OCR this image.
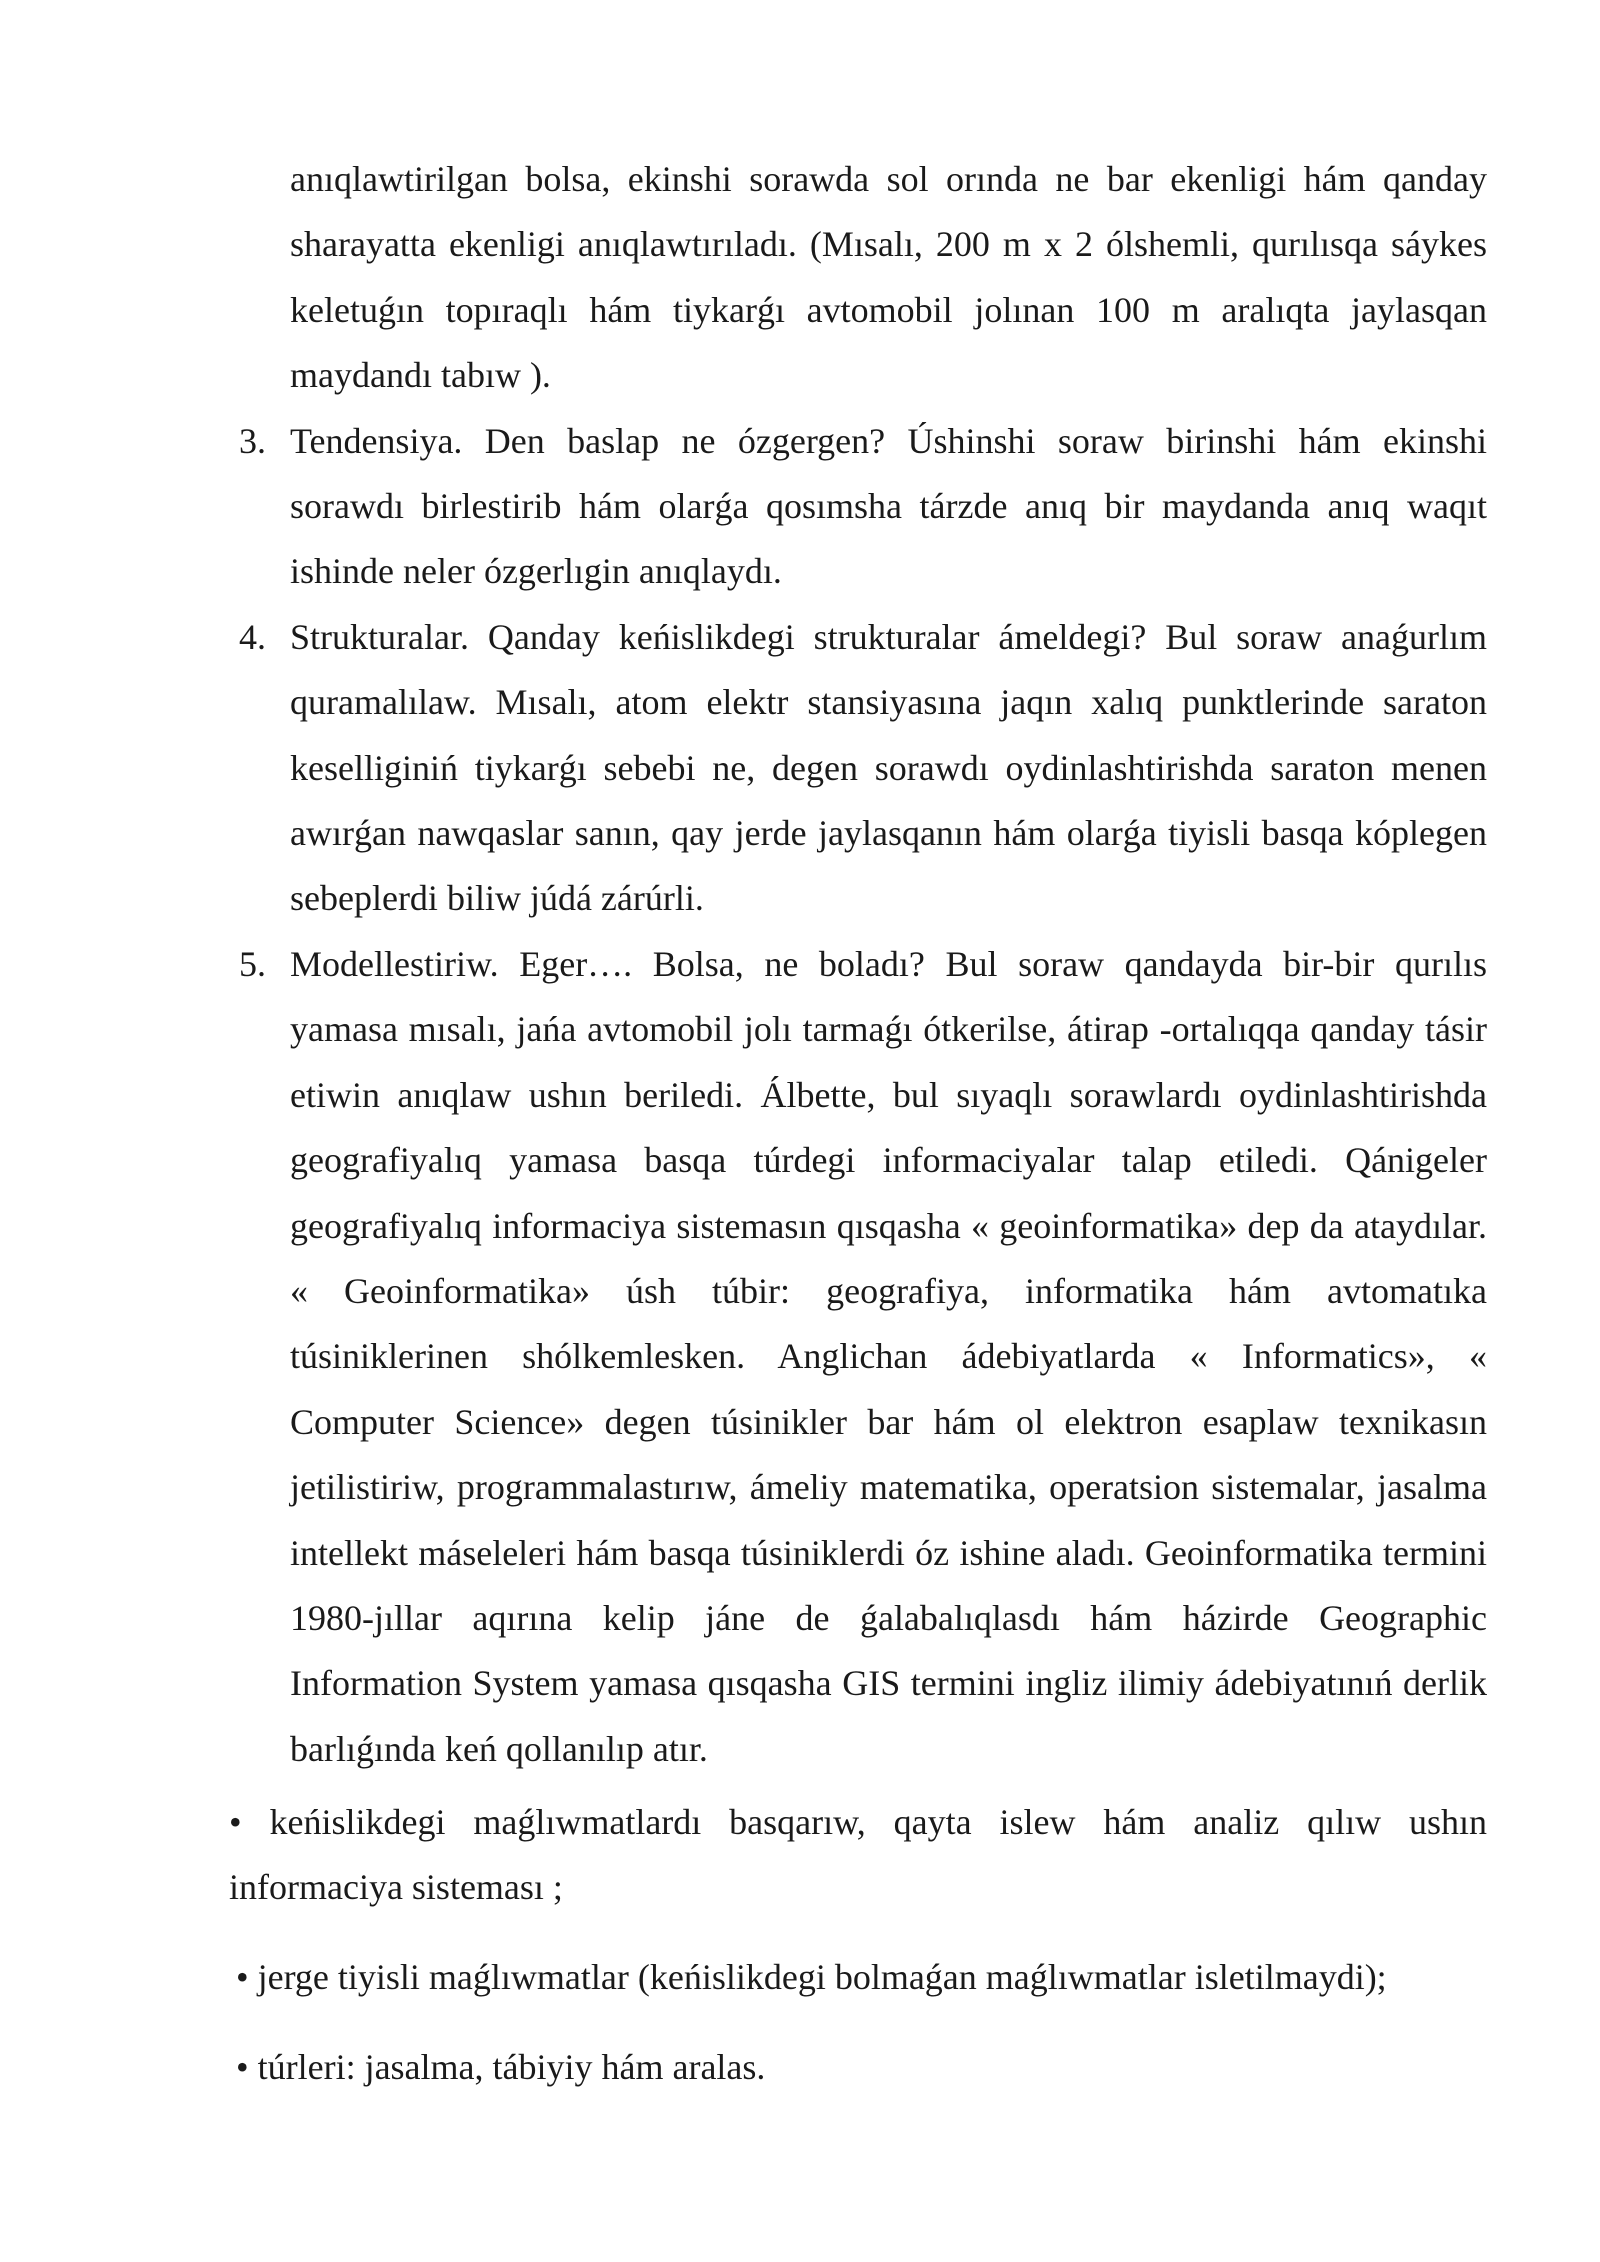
anıqlawtirilgan bolsa, ekinshi sorawda sol orında ne bar ekenligi hám qanday sharayatta ekenligi anıqlawtırıladı. (Mısalı, 200 m x 2 ólshemli, qurılısqa sáykes keletuǵın topıraqlı hám tiykarǵı avtomobil jolınan 100 m aralıqta jaylasqan maydandı tabıw ).
3. Tendensiya. Den baslap ne ózgergen? Úshinshi soraw birinshi hám ekinshi sorawdı birlestirib hám olarǵa qosımsha tárzde anıq bir maydanda anıq waqıt ishinde neler ózgerlıgin anıqlaydı.
4. Strukturalar. Qanday keńislikdegi strukturalar ámeldegi? Bul soraw anaǵurlım quramalılaw. Mısalı, atom elektr stansiyasına jaqın xalıq punktlerinde saraton keselliginiń tiykarǵı sebebi ne, degen sorawdı oydinlashtirishda saraton menen awırǵan nawqaslar sanın, qay jerde jaylasqanın hám olarǵa tiyisli basqa kóplegen sebeplerdi biliw júdá zárúrli.
5. Modellestiriw. Eger…. Bolsa, ne boladı? Bul soraw qandayda bir-bir qurılıs yamasa mısalı, jańa avtomobil jolı tarmaǵı ótkerilse, átirap -ortalıqqa qanday tásir etiwin anıqlaw ushın beriledi. Álbette, bul sıyaqlı sorawlardı oydinlashtirishda geografiyalıq yamasa basqa túrdegi informaciyalar talap etiledi. Qánigeler geografiyalıq informaciya sistemasın qısqasha « geoinformatika» dep da ataydılar. « Geoinformatika» úsh túbir: geografiya, informatika hám avtomatıka túsiniklerinen shólkemlesken. Anglichan ádebiyatlarda « Informatics», « Computer Science» degen túsinikler bar hám ol elektron esaplaw texnikasın jetilistiriw, programmalastırıw, ámeliy matematika, operatsion sistemalar, jasalma intellekt máseleleri hám basqa túsiniklerdi óz ishine aladı. Geoinformatika termini 1980-jıllar aqırına kelip jáne de ǵalabalıqlasdı hám házirde Geographic Information System yamasa qısqasha GIS termini ingliz ilimiy ádebiyatınıń derlik barlıǵında keń qollanılıp atır.
• keńislikdegi maǵlıwmatlardı basqarıw, qayta islew hám analiz qılıw ushın informaciya sisteması ;
• jerge tiyisli maǵlıwmatlar (keńislikdegi bolmaǵan maǵlıwmatlar isletilmaydi);
• túrleri: jasalma, tábiyiy hám aralas.
